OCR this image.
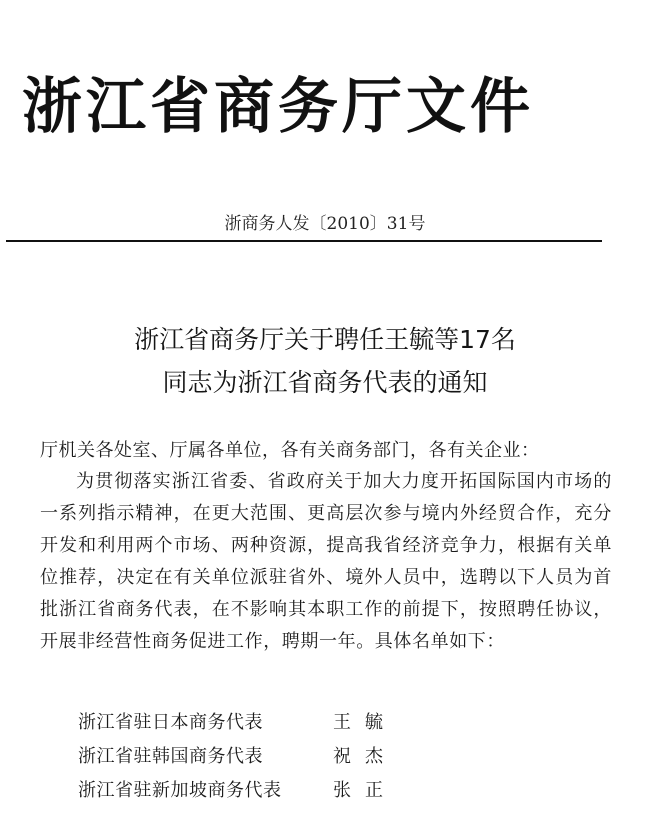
浙江省商务厅文件
浙商务人发〔2010〕31号
浙江省商务厅关于聘任王毓等17名
同志为浙江省商务代表的通知
厅机关各处室、厅属各单位，各有关商务部门，各有关企业：

为贯彻落实浙江省委、省政府关于加大力度开拓国际国内市场的一系列指示精神，在更大范围、更高层次参与境内外经贸合作，充分开发和利用两个市场、两种资源，提高我省经济竞争力，根据有关单位推荐，决定在有关单位派驻省外、境外人员中，选聘以下人员为首批浙江省商务代表，在不影响其本职工作的前提下，按照聘任协议，开展非经营性商务促进工作，聘期一年。具体名单如下：

浙江省驻日本商务代表	王毓
浙江省驻韩国商务代表	祝杰
浙江省驻新加坡商务代表	张正
